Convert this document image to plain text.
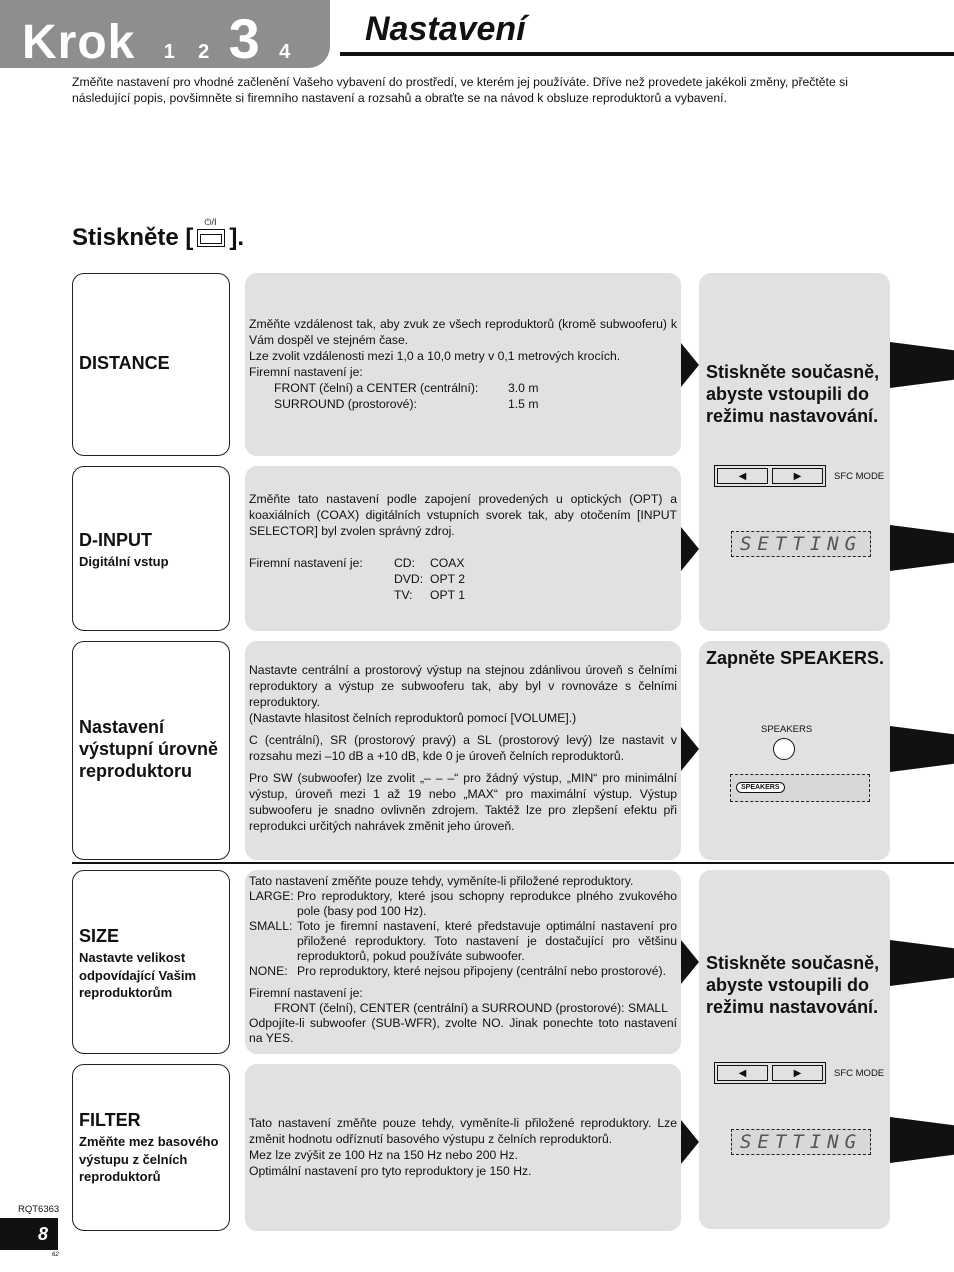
Krok 1 2 3 4
Nastavení

Změňte nastavení pro vhodné začlenění Vašeho vybavení do prostředí, ve kterém jej používáte. Dříve než provedete jakékoli změny, přečtěte si následující popis, povšimněte si firemního nastavení a rozsahů a obraťte se na návod k obsluze reproduktorů a vybavení.

Stiskněte [
⏻/I
].
DISTANCE

Změňte vzdálenost tak, aby zvuk ze všech reproduktorů (kromě subwooferu) k Vám dospěl ve stejném čase.

Lze zvolit vzdálenosti mezi 1,0 a 10,0 metry v 0,1 metrových krocích.

Firemní nastavení je:

FRONT (čelní) a CENTER (centrální):	3.0 m
SURROUND (prostorové):	1.5 m
D-INPUT
Digitální vstup

Změňte tato nastavení podle zapojení provedených u optických (OPT) a koaxiálních (COAX) digitálních vstupních svorek tak, aby otočením [INPUT SELECTOR] byl zvolen správný zdroj.

Firemní nastavení je:	CD:	COAX
DVD: OPT 2
TV:	OPT 1
Stiskněte současně, abyste vstoupili do režimu nastavování.
◀	▶	SFC MODE
SETTING
Nastavení výstupní úrovně reproduktoru

Nastavte centrální a prostorový výstup na stejnou zdánlivou úroveň s čelními reproduktory a výstup ze subwooferu tak, aby byl v rovnováze s čelními reproduktory.

(Nastavte hlasitost čelních reproduktorů pomocí [VOLUME].)

C (centrální), SR (prostorový pravý) a SL (prostorový levý) lze nastavit v rozsahu mezi –10 dB a +10 dB, kde 0 je úroveň čelních reproduktorů.

Pro SW (subwoofer) lze zvolit „– – –“ pro žádný výstup, „MIN“ pro minimální výstup, úroveň mezi 1 až 19 nebo „MAX“ pro maximální výstup. Výstup subwooferu je snadno ovlivněn zdrojem. Taktéž lze pro zlepšení efektu při reprodukci určitých nahrávek změnit jeho úroveň.

Zapněte SPEAKERS.
SPEAKERS
SPEAKERS
SIZE
Nastavte velikost odpovídající Vašim reproduktorům

Tato nastavení změňte pouze tehdy, vyměníte-li přiložené reproduktory.

LARGE: Pro reproduktory, které jsou schopny reprodukce plného zvukového pole (basy pod 100 Hz).

SMALL: Toto je firemní nastavení, které představuje optimální nastavení pro přiložené reproduktory. Toto nastavení je dostačující pro většinu reproduktorů, pokud používáte subwoofer.

NONE: Pro reproduktory, které nejsou připojeny (centrální nebo prostorové).

Firemní nastavení je:

FRONT (čelní), CENTER (centrální) a SURROUND (prostorové): SMALL

Odpojíte-li subwoofer (SUB-WFR), zvolte NO. Jinak ponechte toto nastavení na YES.

FILTER
Změňte mez basového výstupu z čelních reproduktorů

Tato nastavení změňte pouze tehdy, vyměníte-li přiložené reproduktory. Lze změnit hodnotu odříznutí basového výstupu z čelních reproduktorů.

Mez lze zvýšit ze 100 Hz na 150 Hz nebo 200 Hz.

Optimální nastavení pro tyto reproduktory je 150 Hz.

Stiskněte současně, abyste vstoupili do režimu nastavování.
◀	▶	SFC MODE
SETTING
RQT6363
8
62
